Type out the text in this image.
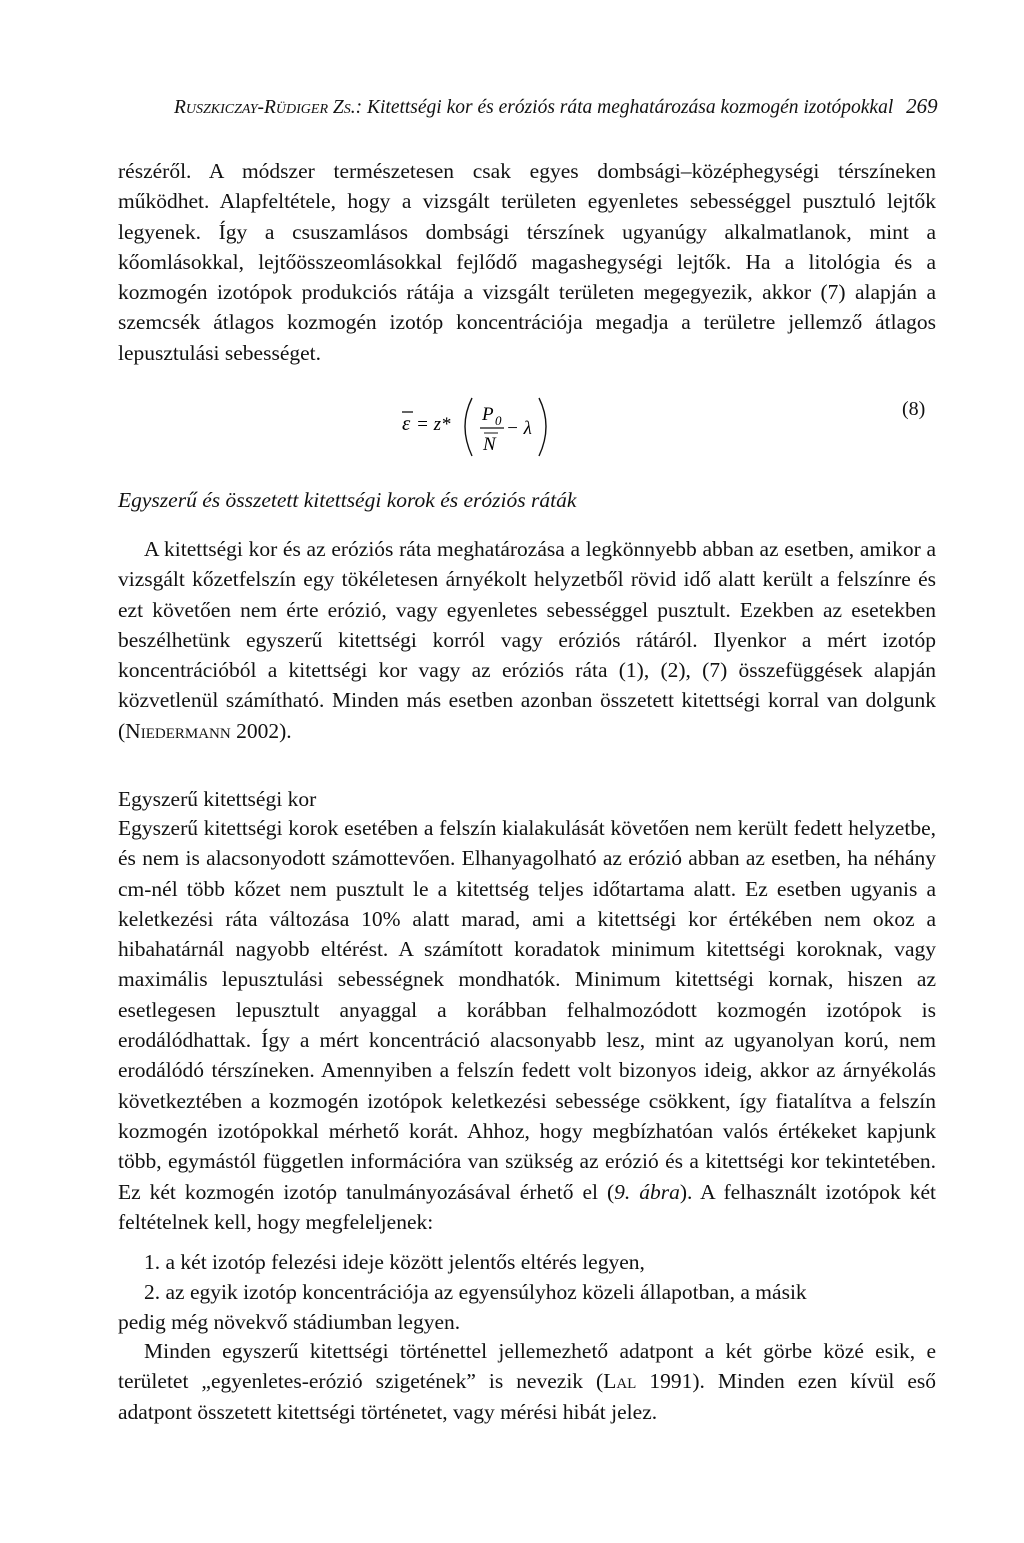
Ruszkiczay-Rüdiger Zs.: Kitettségi kor és eróziós ráta meghatározása kozmogén izotópokkal 269

részéről. A módszer természetesen csak egyes dombsági–középhegységi térszíneken működhet. Alapfeltétele, hogy a vizsgált területen egyenletes sebességgel pusztuló lejtők legyenek. Így a csuszamlásos dombsági térszínek ugyanúgy alkalmatlanok, mint a kőomlásokkal, lejtőösszeomlásokkal fejlődő magashegységi lejtők. Ha a litológia és a kozmogén izotópok produkciós rátája a vizsgált területen megegyezik, akkor (7) alapján a szemcsék átlagos kozmogén izotóp koncentrációja megadja a területre jellemző átlagos lepusztulási sebességet.

ε = z* P 0
N
− λ
(8)
Egyszerű és összetett kitettségi korok és eróziós ráták

A kitettségi kor és az eróziós ráta meghatározása a legkönnyebb abban az esetben, amikor a vizsgált kőzetfelszín egy tökéletesen árnyékolt helyzetből rövid idő alatt került a felszínre és ezt követően nem érte erózió, vagy egyenletes sebességgel pusztult. Ezekben az esetekben beszélhetünk egyszerű kitettségi korról vagy eróziós rátáról. Ilyenkor a mért izotóp koncentrációból a kitettségi kor vagy az eróziós ráta (1), (2), (7) összefüggések alapján közvetlenül számítható. Minden más esetben azonban összetett kitettségi korral van dolgunk (Niedermann 2002).

Egyszerű kitettségi kor

Egyszerű kitettségi korok esetében a felszín kialakulását követően nem került fedett helyzetbe, és nem is alacsonyodott számottevően. Elhanyagolható az erózió abban az esetben, ha néhány cm-nél több kőzet nem pusztult le a kitettség teljes időtartama alatt. Ez esetben ugyanis a keletkezési ráta változása 10% alatt marad, ami a kitettségi kor értékében nem okoz a hibahatárnál nagyobb eltérést. A számított koradatok minimum kitettségi koroknak, vagy maximális lepusztulási sebességnek mondhatók. Minimum kitettségi kornak, hiszen az esetlegesen lepusztult anyaggal a korábban felhalmozódott kozmogén izotópok is erodálódhattak. Így a mért koncentráció alacsonyabb lesz, mint az ugyanolyan korú, nem erodálódó térszíneken. Amennyiben a felszín fedett volt bizonyos ideig, akkor az árnyékolás következtében a kozmogén izotópok keletkezési sebessége csökkent, így fiatalítva a felszín kozmogén izotópokkal mérhető korát. Ahhoz, hogy megbízhatóan valós értékeket kapjunk több, egymástól független információra van szükség az erózió és a kitettségi kor tekintetében. Ez két kozmogén izotóp tanulmányozásával érhető el (9. ábra). A felhasznált izotópok két feltételnek kell, hogy megfeleljenek:

1. a két izotóp felezési ideje között jelentős eltérés legyen,

2. az egyik izotóp koncentrációja az egyensúlyhoz közeli állapotban, a másik
pedig még növekvő stádiumban legyen.

Minden egyszerű kitettségi történettel jellemezhető adatpont a két görbe közé esik, e területet „egyenletes-erózió szigetének” is nevezik (Lal 1991). Minden ezen kívül eső adatpont összetett kitettségi történetet, vagy mérési hibát jelez.
